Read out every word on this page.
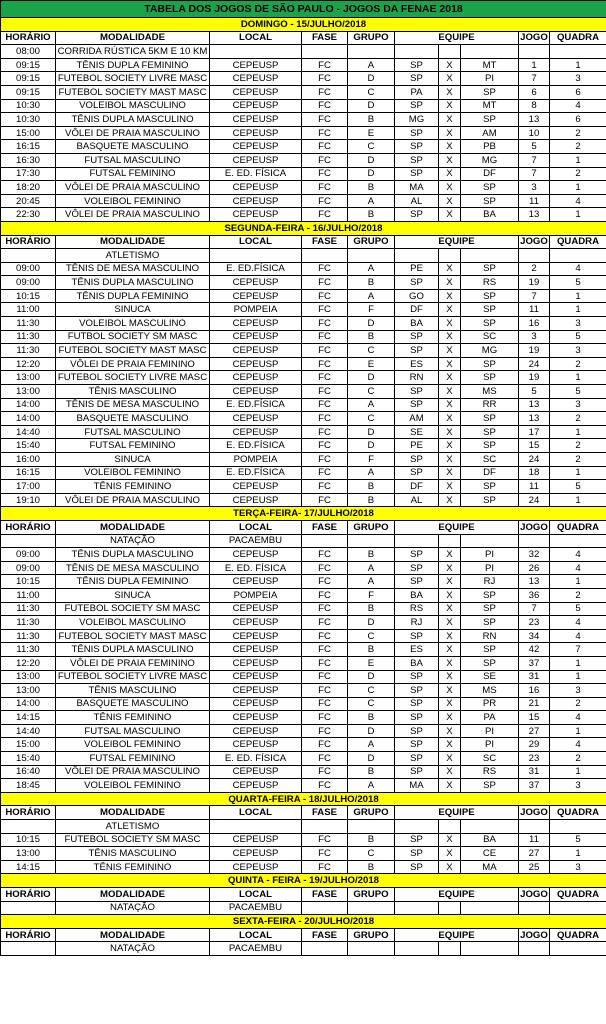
TABELA DOS JOGOS DE SÃO PAULO - JOGOS DA FENAE 2018									
DOMINGO - 15/JULHO/2018									
HORÁRIO	MODALIDADE	LOCAL	FASE	GRUPO	EQUIPE			JOGO	QUADRA
08:00	CORRIDA RÚSTICA 5KM E 10 KM								
09:15	TÊNIS DUPLA FEMININO	CEPEUSP	FC	A	SP	X	MT	1	1
09:15	FUTEBOL SOCIETY LIVRE MASC	CEPEUSP	FC	D	SP	X	PI	7	3
09:15	FUTEBOL SOCIETY MAST MASC	CEPEUSP	FC	C	PA	X	SP	6	6
10:30	VOLEIBOL MASCULINO	CEPEUSP	FC	D	SP	X	MT	8	4
10:30	TÊNIS DUPLA MASCULINO	CEPEUSP	FC	B	MG	X	SP	13	6
15:00	VÔLEI DE PRAIA MASCULINO	CEPEUSP	FC	E	SP	X	AM	10	2
16:15	BASQUETE MASCULINO	CEPEUSP	FC	C	SP	X	PB	5	2
16:30	FUTSAL MASCULINO	CEPEUSP	FC	D	SP	X	MG	7	1
17:30	FUTSAL FEMININO	E. ED. FÍSICA	FC	D	SP	X	DF	7	2
18:20	VÔLEI DE PRAIA MASCULINO	CEPEUSP	FC	B	MA	X	SP	3	1
20:45	VOLEIBOL FEMININO	CEPEUSP	FC	A	AL	X	SP	11	4
22:30	VÔLEI DE PRAIA MASCULINO	CEPEUSP	FC	B	SP	X	BA	13	1
SEGUNDA-FEIRA - 16/JULHO/2018									
HORÁRIO	MODALIDADE	LOCAL	FASE	GRUPO	EQUIPE			JOGO	QUADRA
	ATLETISMO								
09:00	TÊNIS DE MESA MASCULINO	E. ED.FÍSICA	FC	A	PE	X	SP	2	4
09:00	TÊNIS DUPLA MASCULINO	CEPEUSP	FC	B	SP	X	RS	19	5
10:15	TÊNIS DUPLA FEMININO	CEPEUSP	FC	A	GO	X	SP	7	1
11:00	SINUCA	POMPEIA	FC	F	DF	X	SP	11	1
11:30	VOLEIBOL MASCULINO	CEPEUSP	FC	D	BA	X	SP	16	3
11:30	FUTBOL SOCIETY SM MASC	CEPEUSP	FC	B	SP	X	SC	3	5
11:30	FUTEBOL SOCIETY MAST MASC	CEPEUSP	FC	C	SP	X	MG	19	3
12:20	VÔLEI DE PRAIA FEMININO	CEPEUSP	FC	E	ES	X	SP	24	2
13:00	FUTEBOL SOCIETY LIVRE MASC	CEPEUSP	FC	D	RN	X	SP	19	1
13:00	TÊNIS MASCULINO	CEPEUSP	FC	C	SP	X	MS	5	5
14:00	TÊNIS DE MESA MASCULINO	E. ED.FÍSICA	FC	A	SP	X	RR	13	3
14:00	BASQUETE MASCULINO	CEPEUSP	FC	C	AM	X	SP	13	2
14:40	FUTSAL MASCULINO	CEPEUSP	FC	D	SE	X	SP	17	1
15:40	FUTSAL FEMININO	E. ED.FÍSICA	FC	D	PE	X	SP	15	2
16:00	SINUCA	POMPEIA	FC	F	SP	X	SC	24	2
16:15	VOLEIBOL FEMININO	E. ED.FÍSICA	FC	A	SP	X	DF	18	1
17:00	TÊNIS FEMININO	CEPEUSP	FC	B	DF	X	SP	11	5
19:10	VÔLEI DE PRAIA MASCULINO	CEPEUSP	FC	B	AL	X	SP	24	1
TERÇA-FEIRA- 17/JULHO/2018									
HORÁRIO	MODALIDADE	LOCAL	FASE	GRUPO	EQUIPE			JOGO	QUADRA
	NATAÇÃO	PACAEMBU							
09:00	TÊNIS DUPLA MASCULINO	CEPEUSP	FC	B	SP	X	PI	32	4
09:00	TÊNIS DE MESA MASCULINO	E. ED. FÍSICA	FC	A	SP	X	PI	26	4
10:15	TÊNIS DUPLA FEMININO	CEPEUSP	FC	A	SP	X	RJ	13	1
11:00	SINUCA	POMPEIA	FC	F	BA	X	SP	36	2
11:30	FUTEBOL SOCIETY SM MASC	CEPEUSP	FC	B	RS	X	SP	7	5
11:30	VOLEIBOL MASCULINO	CEPEUSP	FC	D	RJ	X	SP	23	4
11:30	FUTEBOL SOCIETY MAST MASC	CEPEUSP	FC	C	SP	X	RN	34	4
11:30	TÊNIS DUPLA MASCULINO	CEPEUSP	FC	B	ES	X	SP	42	7
12:20	VÔLEI DE PRAIA FEMININO	CEPEUSP	FC	E	BA	X	SP	37	1
13:00	FUTEBOL SOCIETY LIVRE MASC	CEPEUSP	FC	D	SP	X	SE	31	1
13:00	TÊNIS MASCULINO	CEPEUSP	FC	C	SP	X	MS	16	3
14:00	BASQUETE MASCULINO	CEPEUSP	FC	C	SP	X	PR	21	2
14:15	TÊNIS FEMININO	CEPEUSP	FC	B	SP	X	PA	15	4
14:40	FUTSAL MASCULINO	CEPEUSP	FC	D	SP	X	PI	27	1
15:00	VOLEIBOL FEMININO	CEPEUSP	FC	A	SP	X	PI	29	4
15:40	FUTSAL FEMININO	E. ED. FÍSICA	FC	D	SP	X	SC	23	2
16:40	VÔLEI DE PRAIA MASCULINO	CEPEUSP	FC	B	SP	X	RS	31	1
18:45	VOLEIBOL FEMININO	CEPEUSP	FC	A	MA	X	SP	37	3
QUARTA-FEIRA - 18/JULHO/2018									
HORÁRIO	MODALIDADE	LOCAL	FASE	GRUPO	EQUIPE			JOGO	QUADRA
	ATLETISMO								
10:15	FUTEBOL SOCIETY SM MASC	CEPEUSP	FC	B	SP	X	BA	11	5
13:00	TÊNIS MASCULINO	CEPEUSP	FC	C	SP	X	CE	27	1
14:15	TÊNIS FEMININO	CEPEUSP	FC	B	SP	X	MA	25	3
QUINTA - FEIRA - 19/JULHO/2018									
HORÁRIO	MODALIDADE	LOCAL	FASE	GRUPO	EQUIPE			JOGO	QUADRA
	NATAÇÃO	PACAEMBU							
SEXTA-FEIRA - 20/JULHO/2018									
HORÁRIO	MODALIDADE	LOCAL	FASE	GRUPO	EQUIPE			JOGO	QUADRA
	NATAÇÃO	PACAEMBU							
